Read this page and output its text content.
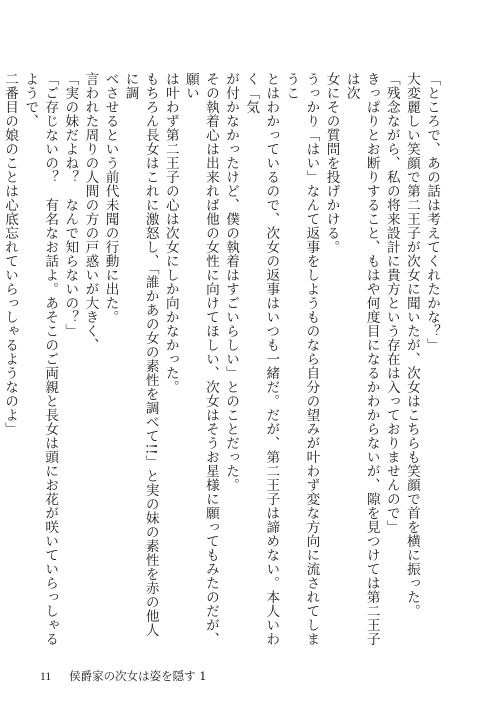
「ところで、あの話は考えてくれたかな？」

大変麗しい笑顔で第二王子が次女に聞いたが、次女はこちらも笑顔で首を横に振った。

「残念ながら、私の将来設計に貴方という存在は入っておりませんので」

きっぱりとお断りすること、もはや何度目になるかわからないが、隙を見つけては第二王子は次

女にその質問を投げかける。

うっかり「はい」なんて返事をしようものなら自分の望みが叶わず変な方向に流されてしまうこ

とはわかっているので、次女の返事はいつも一緒だ。だが、第二王子は諦めない。本人いわく「気

が付かなかったけど、僕の執着はすごいらしい」とのことだった。

その執着心は出来れば他の女性に向けてほしい、次女はそうお星様に願ってもみたのだが、願い

は叶わず第二王子の心は次女にしか向かなかった。

もちろん長女はこれに激怒し、「誰かあの女の素性を調べて!!」と実の妹の素性を赤の他人に調

べさせるという前代未聞の行動に出た。

言われた周りの人間の方の戸惑いが大きく、

「実の妹だよね？　なんで知らないの？」

「ご存じないの？　有名なお話よ。あそこのご両親と長女は頭にお花が咲いていらっしゃるようで、

二番目の娘のことは心底忘れていらっしゃるようなのよ」

11 侯爵家の次女は姿を隠す 1
